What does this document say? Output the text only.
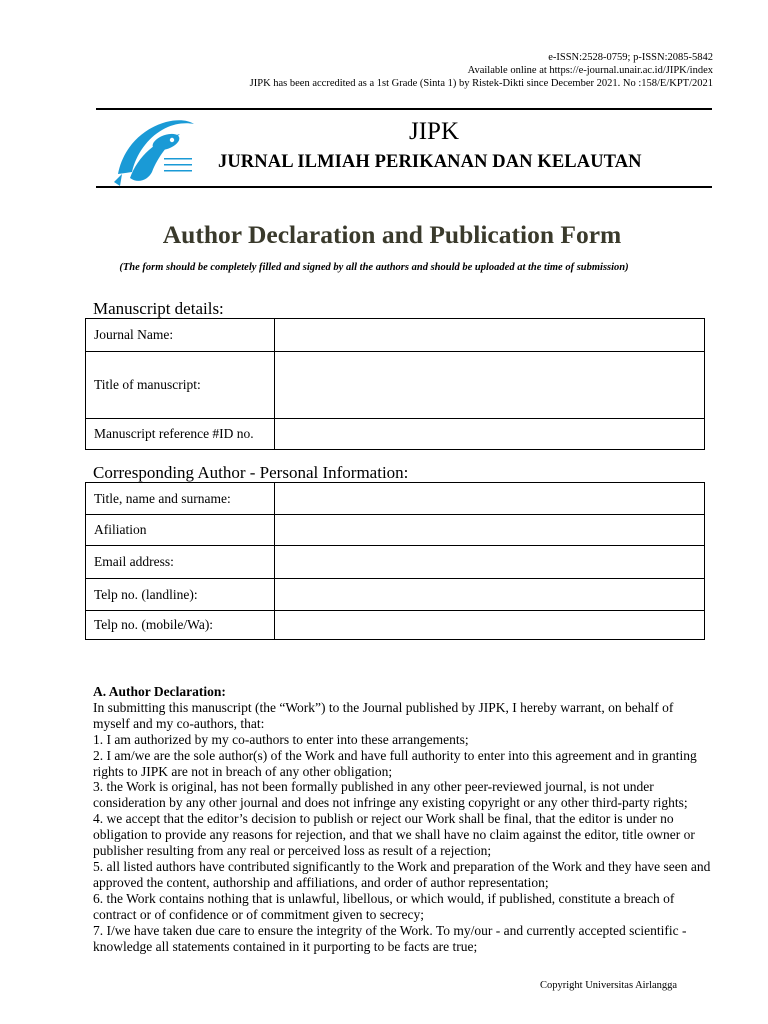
e-ISSN:2528-0759; p-ISSN:2085-5842
Available online at https://e-journal.unair.ac.id/JIPK/index
JIPK has been accredited as a 1st Grade (Sinta 1) by Ristek-Dikti since December 2021. No :158/E/KPT/2021
JIPK
JURNAL ILMIAH PERIKANAN DAN KELAUTAN
Author Declaration and Publication Form
(The form should be completely filled and signed by all the authors and should be uploaded at the time of submission)
Manuscript details:
Journal Name:	
Title of manuscript:	
Manuscript reference #ID no.	
Corresponding Author - Personal Information:
Title, name and surname:	
Afiliation	
Email address:	
Telp no. (landline):	
Telp no. (mobile/Wa):	

A. Author Declaration:

In submitting this manuscript (the “Work”) to the Journal published by JIPK, I hereby warrant, on behalf of myself and my co-authors, that:

1. I am authorized by my co-authors to enter into these arrangements;

2. I am/we are the sole author(s) of the Work and have full authority to enter into this agreement and in granting rights to JIPK are not in breach of any other obligation;

3. the Work is original, has not been formally published in any other peer-reviewed journal, is not under consideration by any other journal and does not infringe any existing copyright or any other third-party rights;

4. we accept that the editor’s decision to publish or reject our Work shall be final, that the editor is under no obligation to provide any reasons for rejection, and that we shall have no claim against the editor, title owner or publisher resulting from any real or perceived loss as result of a rejection;

5. all listed authors have contributed significantly to the Work and preparation of the Work and they have seen and approved the content, authorship and affiliations, and order of author representation;

6. the Work contains nothing that is unlawful, libellous, or which would, if published, constitute a breach of contract or of confidence or of commitment given to secrecy;

7. I/we have taken due care to ensure the integrity of the Work. To my/our - and currently accepted scientific - knowledge all statements contained in it purporting to be facts are true;

Copyright Universitas Airlangga
